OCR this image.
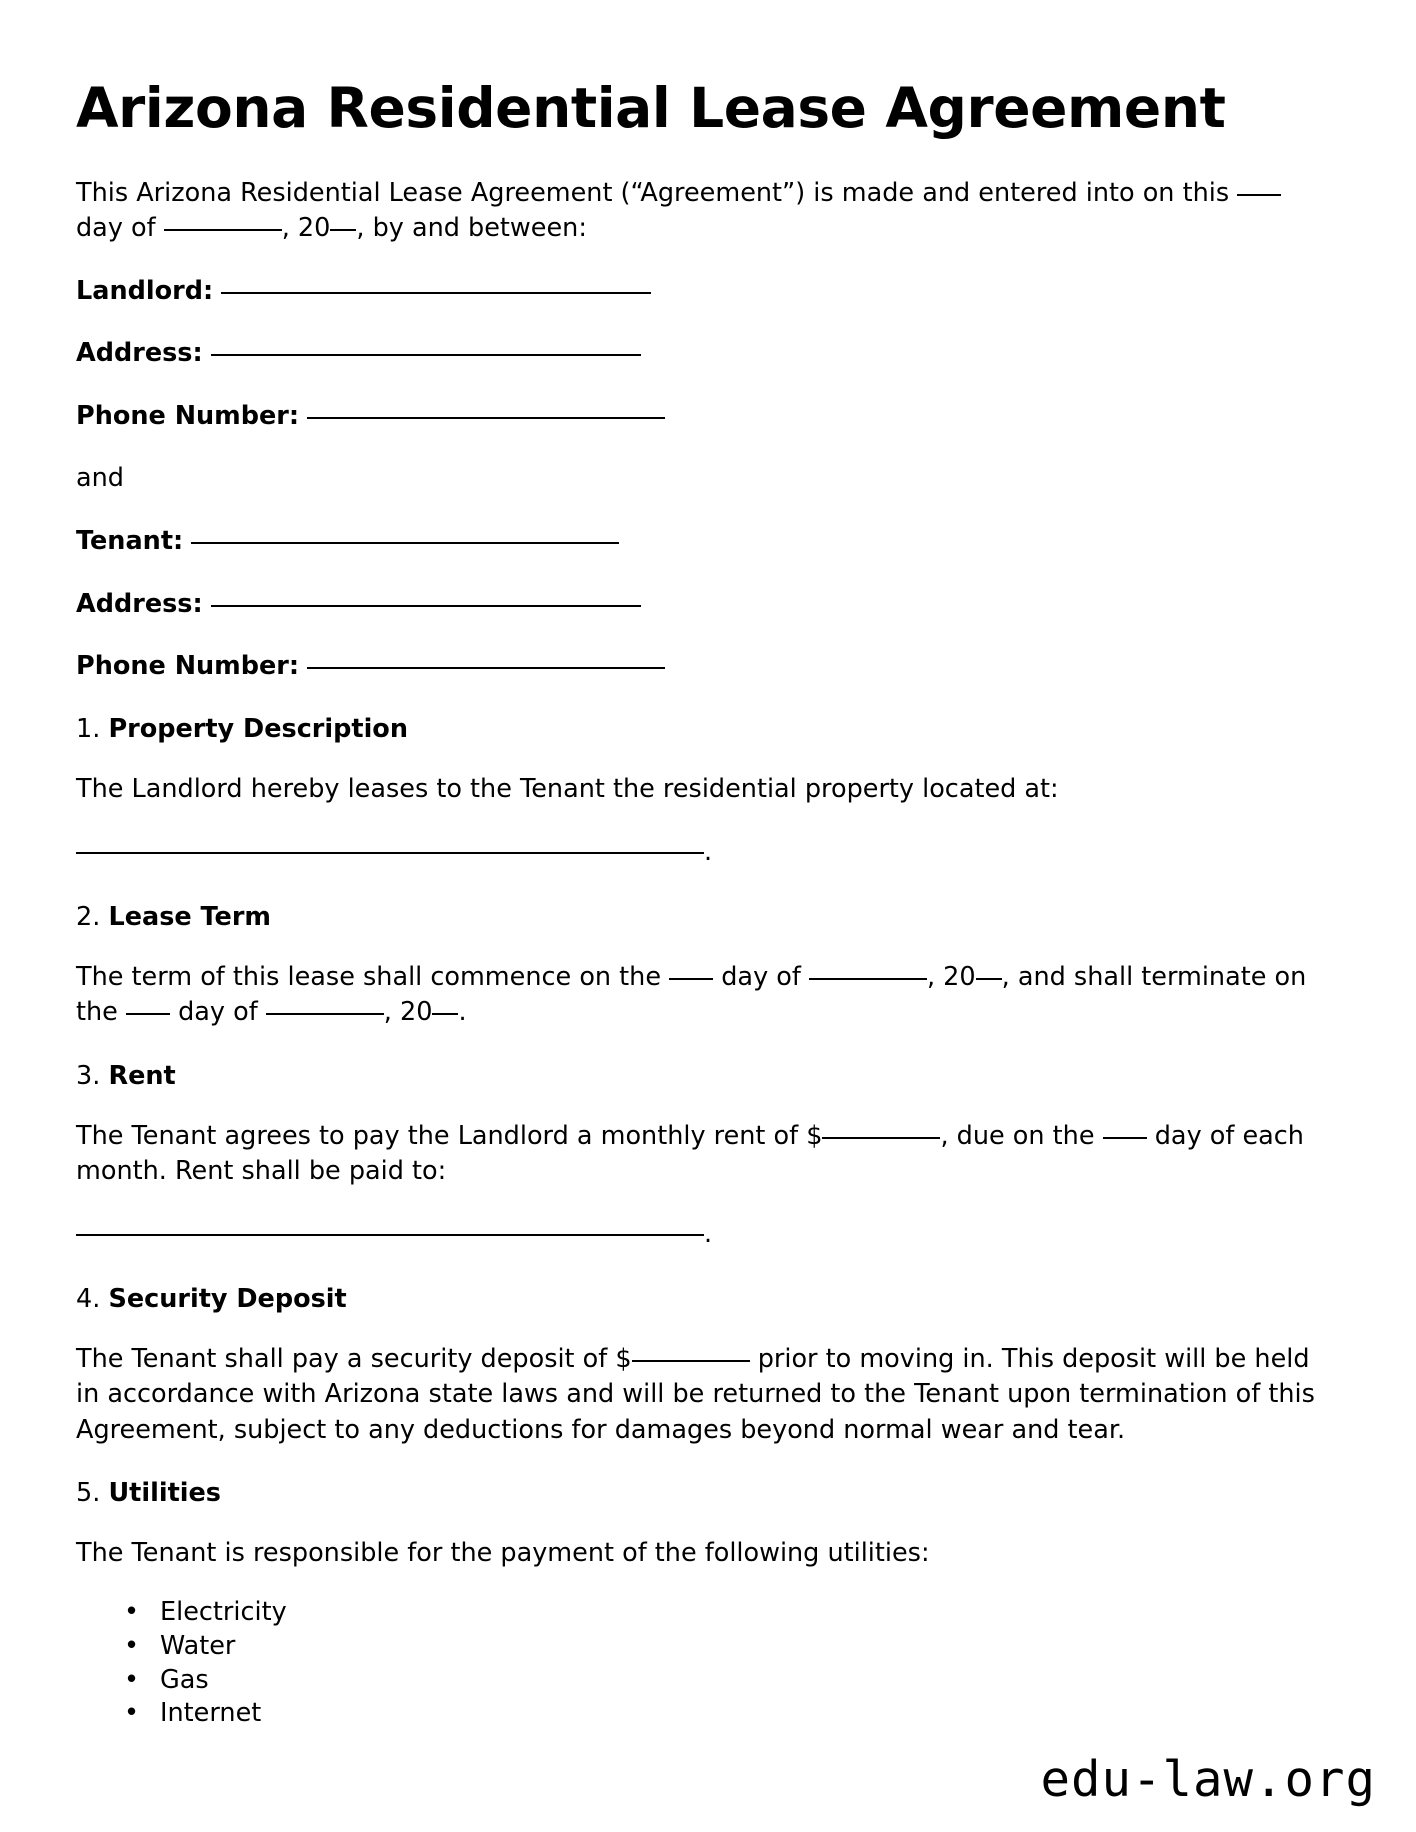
Arizona Residential Lease Agreement

This Arizona Residential Lease Agreement (“Agreement”) is made and entered into on this  day of	, 20 , by and between:

Landlord:
Address:
Phone Number:

and

Tenant:
Address:
Phone Number:
1. Property Description

The Landlord hereby leases to the Tenant the residential property located at:

.
2. Lease Term

The term of this lease shall commence on the day of	, 20 , and shall terminate on the day of	, 20 .

3. Rent

The Tenant agrees to pay the Landlord a monthly rent of $	, due on the day of each month. Rent shall be paid to:

.
4. Security Deposit

The Tenant shall pay a security deposit of $	prior to moving in. This deposit will be held in accordance with Arizona state laws and will be returned to the Tenant upon termination of this Agreement, subject to any deductions for damages beyond normal wear and tear.

5. Utilities

The Tenant is responsible for the payment of the following utilities:

• Electricity
• Water
• Gas
• Internet
edu-law.org
